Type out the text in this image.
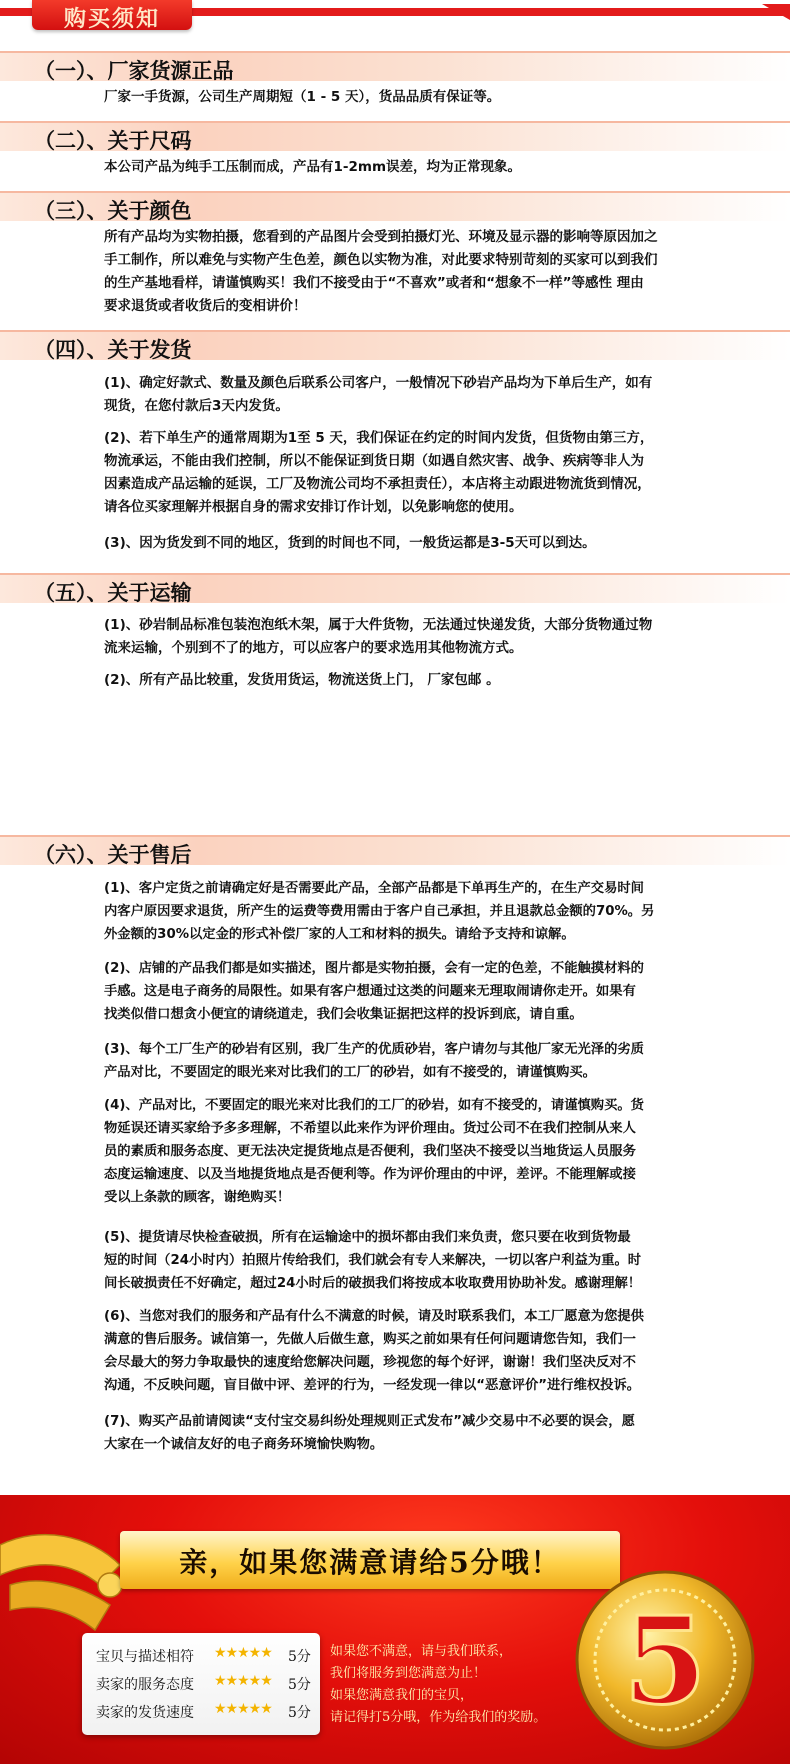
购买须知
（一）、厂家货源正品
厂家一手货源，公司生产周期短（1 - 5 天），货品品质有保证等。
（二）、关于尺码
本公司产品为纯手工压制而成，产品有1-2mm误差，均为正常现象。
（三）、关于颜色
所有产品均为实物拍摄，您看到的产品图片会受到拍摄灯光、环境及显示器的影响等原因加之
手工制作，所以难免与实物产生色差，颜色以实物为准，对此要求特别苛刻的买家可以到我们
的生产基地看样，请谨慎购买！我们不接受由于“不喜欢”或者和“想象不一样”等感性 理由
要求退货或者收货后的变相讲价！
（四）、关于发货
(1)、确定好款式、数量及颜色后联系公司客户，一般情况下砂岩产品均为下单后生产，如有
现货，在您付款后3天内发货。
(2)、若下单生产的通常周期为1至 5 天，我们保证在约定的时间内发货，但货物由第三方，
物流承运，不能由我们控制，所以不能保证到货日期（如遇自然灾害、战争、疾病等非人为
因素造成产品运输的延误，工厂及物流公司均不承担责任），本店将主动跟进物流货到情况，
请各位买家理解并根据自身的需求安排订作计划，以免影响您的使用。
(3)、因为货发到不同的地区，货到的时间也不同，一般货运都是3-5天可以到达。
（五）、关于运输
(1)、砂岩制品标准包装泡泡纸木架，属于大件货物，无法通过快递发货，大部分货物通过物
流来运输，个别到不了的地方，可以应客户的要求选用其他物流方式。
(2)、所有产品比较重，发货用货运，物流送货上门， 厂家包邮 。
（六）、关于售后
(1)、客户定货之前请确定好是否需要此产品，全部产品都是下单再生产的，在生产交易时间
内客户原因要求退货，所产生的运费等费用需由于客户自己承担，并且退款总金额的70%。另
外金额的30%以定金的形式补偿厂家的人工和材料的损失。请给予支持和谅解。
(2)、店铺的产品我们都是如实描述，图片都是实物拍摄，会有一定的色差，不能触摸材料的
手感。这是电子商务的局限性。如果有客户想通过这类的问题来无理取闹请你走开。如果有
找类似借口想贪小便宜的请绕道走，我们会收集证据把这样的投诉到底，请自重。
(3)、每个工厂生产的砂岩有区别，我厂生产的优质砂岩，客户请勿与其他厂家无光泽的劣质
产品对比，不要固定的眼光来对比我们的工厂的砂岩，如有不接受的，请谨慎购买。
(4)、产品对比，不要固定的眼光来对比我们的工厂的砂岩，如有不接受的，请谨慎购买。货
物延误还请买家给予多多理解，不希望以此来作为评价理由。货过公司不在我们控制从来人
员的素质和服务态度、更无法决定提货地点是否便利，我们坚决不接受以当地货运人员服务
态度运输速度、以及当地提货地点是否便利等。作为评价理由的中评，差评。不能理解或接
受以上条款的顾客，谢绝购买！
(5)、提货请尽快检查破损，所有在运输途中的损坏都由我们来负责，您只要在收到货物最
短的时间（24小时内）拍照片传给我们，我们就会有专人来解决，一切以客户利益为重。时
间长破损责任不好确定，超过24小时后的破损我们将按成本收取费用协助补发。感谢理解！
(6)、当您对我们的服务和产品有什么不满意的时候，请及时联系我们，本工厂愿意为您提供
满意的售后服务。诚信第一，先做人后做生意，购买之前如果有任何问题请您告知，我们一
会尽最大的努力争取最快的速度给您解决问题，珍视您的每个好评，谢谢！我们坚决反对不
沟通，不反映问题，盲目做中评、差评的行为，一经发现一律以“恶意评价”进行维权投诉。
(7)、购买产品前请阅读“支付宝交易纠纷处理规则正式发布”减少交易中不必要的误会，愿
大家在一个诚信友好的电子商务环境愉快购物。
亲，如果您满意请给5分哦！
5
宝贝与描述相符 ★★★★★ 5分
卖家的服务态度 ★★★★★ 5分
卖家的发货速度 ★★★★★ 5分
如果您不满意，请与我们联系，
我们将服务到您满意为止！
如果您满意我们的宝贝，
请记得打5分哦，作为给我们的奖励。
